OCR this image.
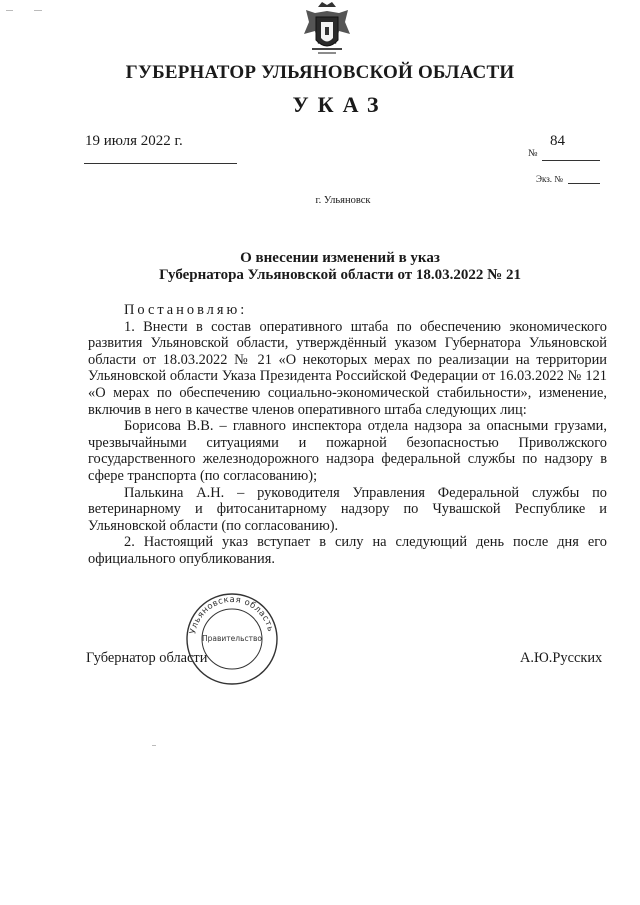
ГУБЕРНАТОР УЛЬЯНОВСКОЙ ОБЛАСТИ
УКАЗ
19 июля 2022 г.	84
№
Экз. №
г. Ульяновск
О внесении изменений в указ
Губернатора Ульяновской области от 18.03.2022 № 21

Постановляю:

1. Внести в состав оперативного штаба по обеспечению экономического развития Ульяновской области, утверждённый указом Губернатора Ульяновской области от 18.03.2022 № 21 «О некоторых мерах по реализации на территории Ульяновской области Указа Президента Российской Федерации от 16.03.2022 № 121 «О мерах по обеспечению социально-экономической стабильности», изменение, включив в него в качестве членов оперативного штаба следующих лиц:

Борисова В.В. – главного инспектора отдела надзора за опасными грузами, чрезвычайными ситуациями и пожарной безопасностью Приволжского государственного железнодорожного надзора федеральной службы по надзору в сфере транспорта (по согласованию);

Палькина А.Н. – руководителя Управления Федеральной службы по ветеринарному и фитосанитарному надзору по Чувашской Республике и Ульяновской области (по согласованию).

2. Настоящий указ вступает в силу на следующий день после дня его официального опубликования.

Губернатор области	А.Ю.Русских
Ульяновская область
Правительство
